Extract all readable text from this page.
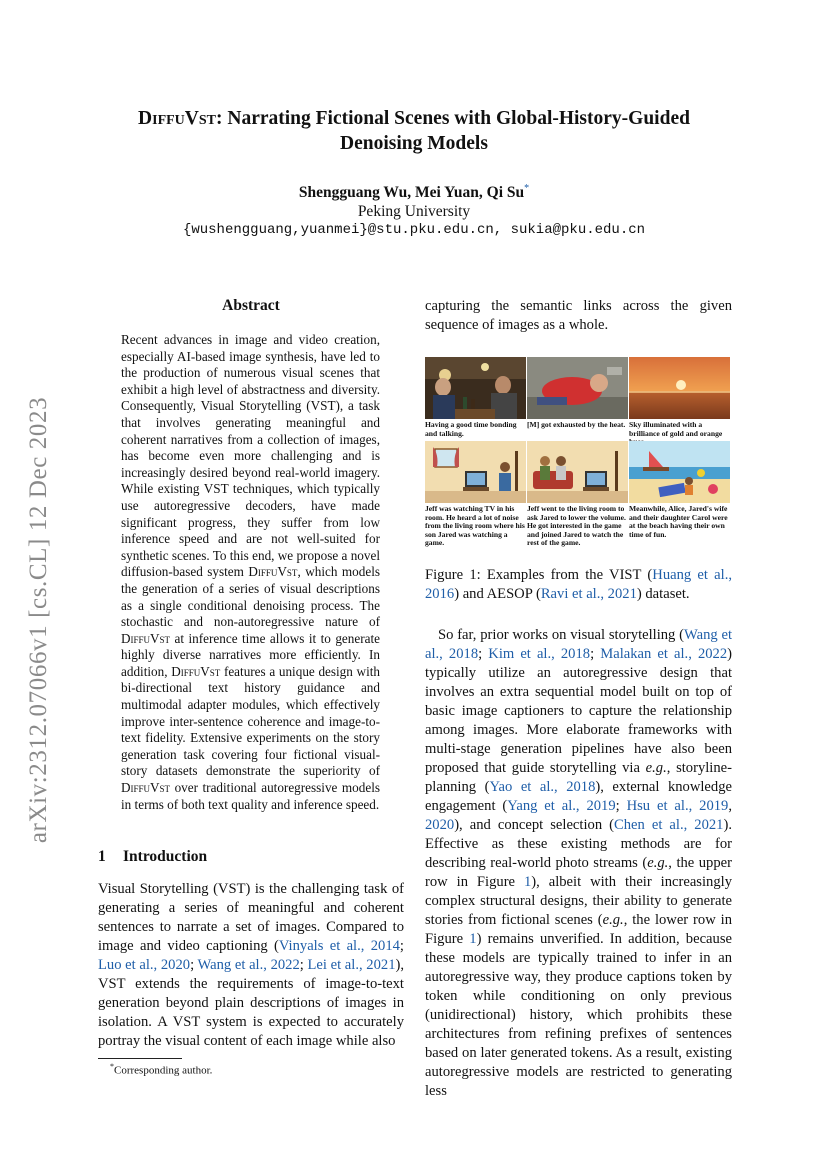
arXiv:2312.07066v1 [cs.CL] 12 Dec 2023
DiffuVst: Narrating Fictional Scenes with Global-History-Guided Denoising Models
Shengguang Wu, Mei Yuan, Qi Su*
Peking University
{wushengguang,yuanmei}@stu.pku.edu.cn, sukia@pku.edu.cn
Abstract
Recent advances in image and video creation, especially AI-based image synthesis, have led to the production of numerous visual scenes that exhibit a high level of abstractness and diversity. Consequently, Visual Storytelling (VST), a task that involves generating meaningful and coherent narratives from a collection of images, has become even more challenging and is increasingly desired beyond real-world imagery. While existing VST techniques, which typically use autoregressive decoders, have made significant progress, they suffer from low inference speed and are not well-suited for synthetic scenes. To this end, we propose a novel diffusion-based system DiffuVst, which models the generation of a series of visual descriptions as a single conditional denoising process. The stochastic and non-autoregressive nature of DiffuVst at inference time allows it to generate highly diverse narratives more efficiently. In addition, DiffuVst features a unique design with bi-directional text history guidance and multimodal adapter modules, which effectively improve inter-sentence coherence and image-to-text fidelity. Extensive experiments on the story generation task covering four fictional visual-story datasets demonstrate the superiority of DiffuVst over traditional autoregressive models in terms of both text quality and inference speed.
1 Introduction
Visual Storytelling (VST) is the challenging task of generating a series of meaningful and coherent sentences to narrate a set of images. Compared to image and video captioning (Vinyals et al., 2014; Luo et al., 2020; Wang et al., 2022; Lei et al., 2021), VST extends the requirements of image-to-text generation beyond plain descriptions of images in isolation. A VST system is expected to accurately portray the visual content of each image while also
*Corresponding author.
capturing the semantic links across the given sequence of images as a whole.
Having a good time bonding and talking.
[M] got exhausted by the heat. Sky illuminated with a brilliance of gold and orange
Jeff was watching TV in his room. He heard a lot of noise from the living room where his son Jared was watching a game.
Jeff went to the living room to ask Jared to lower the volume. He got interested in the game and joined Jared to watch the rest of the game.
Meanwhile, Alice, Jared's wife and their daughter Carol were at the beach having their own time of fun.
Figure 1: Examples from the VIST (Huang et al., 2016) and AESOP (Ravi et al., 2021) dataset.
So far, prior works on visual storytelling (Wang et al., 2018; Kim et al., 2018; Malakan et al., 2022) typically utilize an autoregressive design that involves an extra sequential model built on top of basic image captioners to capture the relationship among images. More elaborate frameworks with multi-stage generation pipelines have also been proposed that guide storytelling via e.g., storyline-planning (Yao et al., 2018), external knowledge engagement (Yang et al., 2019; Hsu et al., 2019, 2020), and concept selection (Chen et al., 2021). Effective as these existing methods are for describing real-world photo streams (e.g., the upper row in Figure 1), albeit with their increasingly complex structural designs, their ability to generate stories from fictional scenes (e.g., the lower row in Figure 1) remains unverified. In addition, because these models are typically trained to infer in an autoregressive way, they produce captions token by token while conditioning on only previous (unidirectional) history, which prohibits these architectures from refining prefixes of sentences based on later generated tokens. As a result, existing autoregressive models are restricted to generating less
